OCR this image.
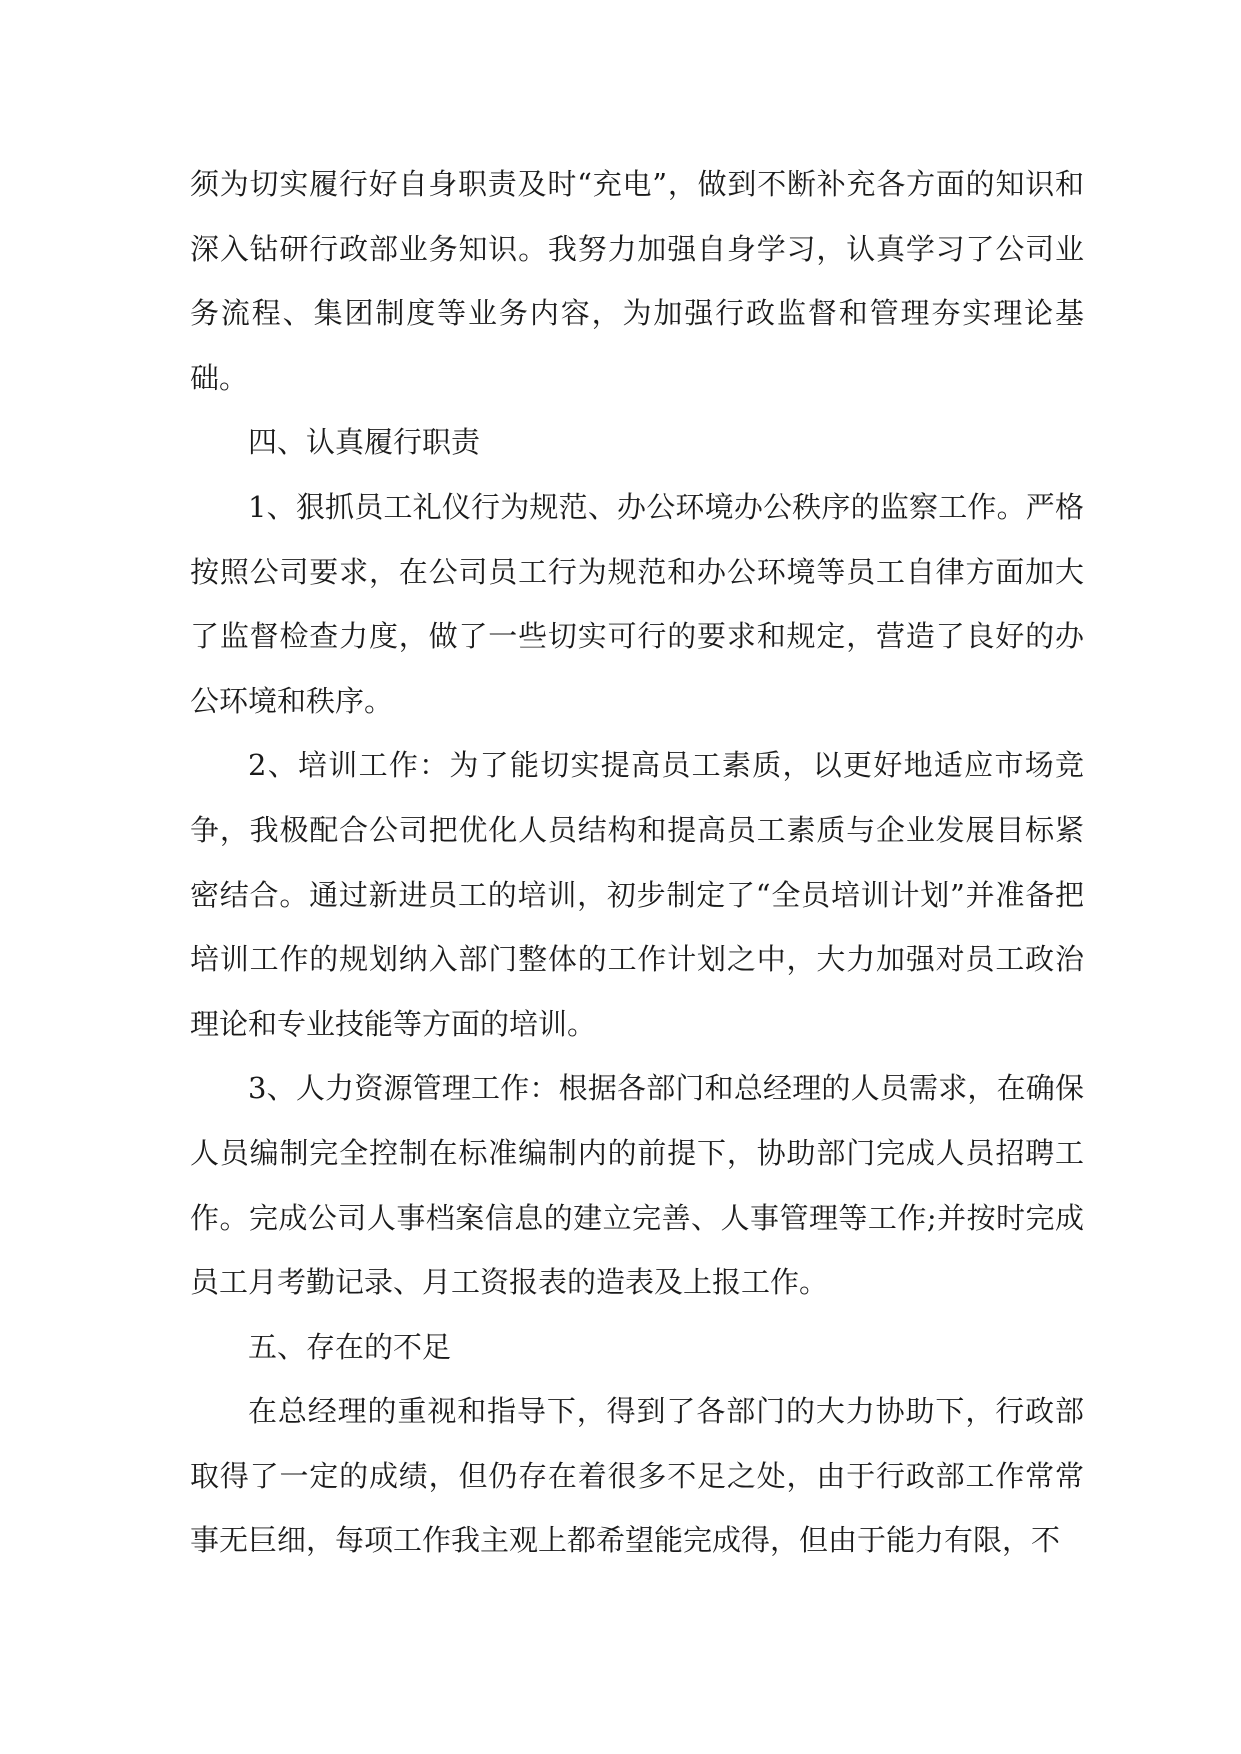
须为切实履行好自身职责及时“充电”，做到不断补充各方面的知识和深入钻研行政部业务知识。我努力加强自身学习，认真学习了公司业务流程、集团制度等业务内容，为加强行政监督和管理夯实理论基础。

四、认真履行职责

1、狠抓员工礼仪行为规范、办公环境办公秩序的监察工作。严格按照公司要求，在公司员工行为规范和办公环境等员工自律方面加大了监督检查力度，做了一些切实可行的要求和规定，营造了良好的办公环境和秩序。

2、培训工作：为了能切实提高员工素质，以更好地适应市场竞争，我极配合公司把优化人员结构和提高员工素质与企业发展目标紧密结合。通过新进员工的培训，初步制定了“全员培训计划”并准备把培训工作的规划纳入部门整体的工作计划之中，大力加强对员工政治理论和专业技能等方面的培训。

3、人力资源管理工作：根据各部门和总经理的人员需求，在确保人员编制完全控制在标准编制内的前提下，协助部门完成人员招聘工作。完成公司人事档案信息的建立完善、人事管理等工作;并按时完成员工月考勤记录、月工资报表的造表及上报工作。

五、存在的不足

在总经理的重视和指导下，得到了各部门的大力协助下，行政部取得了一定的成绩，但仍存在着很多不足之处，由于行政部工作常常事无巨细，每项工作我主观上都希望能完成得，但由于能力有限，不
